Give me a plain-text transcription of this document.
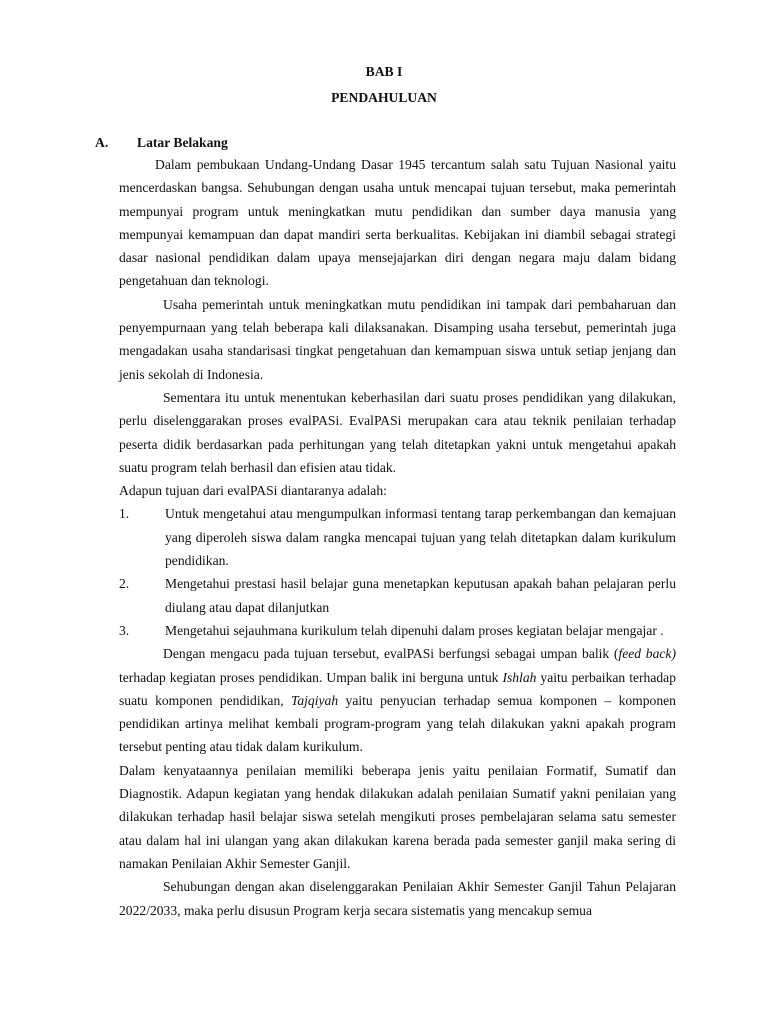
BAB I
PENDAHULUAN
A. Latar Belakang

Dalam pembukaan Undang-Undang Dasar 1945 tercantum salah satu Tujuan Nasional yaitu mencerdaskan bangsa. Sehubungan dengan usaha untuk mencapai tujuan tersebut, maka pemerintah mempunyai program untuk meningkatkan mutu pendidikan dan sumber daya manusia yang mempunyai kemampuan dan dapat mandiri serta berkualitas. Kebijakan ini diambil sebagai strategi dasar nasional pendidikan dalam upaya mensejajarkan diri dengan negara maju dalam bidang pengetahuan dan teknologi.

Usaha pemerintah untuk meningkatkan mutu pendidikan ini tampak dari pembaharuan dan penyempurnaan yang telah beberapa kali dilaksanakan. Disamping usaha tersebut, pemerintah juga mengadakan usaha standarisasi tingkat pengetahuan dan kemampuan siswa untuk setiap jenjang dan jenis sekolah di Indonesia.

Sementara itu untuk menentukan keberhasilan dari suatu proses pendidikan yang dilakukan, perlu diselenggarakan proses evalPASi. EvalPASi merupakan cara atau teknik penilaian terhadap peserta didik berdasarkan pada perhitungan yang telah ditetapkan yakni untuk mengetahui apakah suatu program telah berhasil dan efisien atau tidak.

Adapun tujuan dari evalPASi diantaranya adalah:

1.	Untuk mengetahui atau mengumpulkan informasi tentang tarap perkembangan dan kemajuan yang diperoleh siswa dalam rangka mencapai tujuan yang telah ditetapkan dalam kurikulum pendidikan.
2.	Mengetahui prestasi hasil belajar guna menetapkan keputusan apakah bahan pelajaran perlu diulang atau dapat dilanjutkan
3.	Mengetahui sejauhmana kurikulum telah dipenuhi dalam proses kegiatan belajar mengajar .

Dengan mengacu pada tujuan tersebut, evalPASi berfungsi sebagai umpan balik (feed back) terhadap kegiatan proses pendidikan. Umpan balik ini berguna untuk Ishlah yaitu perbaikan terhadap suatu komponen pendidikan, Tajqiyah yaitu penyucian terhadap semua komponen – komponen pendidikan artinya melihat kembali program-program yang telah dilakukan yakni apakah program tersebut penting atau tidak dalam kurikulum.

Dalam kenyataannya penilaian memiliki beberapa jenis yaitu penilaian Formatif, Sumatif dan Diagnostik. Adapun kegiatan yang hendak dilakukan adalah penilaian Sumatif yakni penilaian yang dilakukan terhadap hasil belajar siswa setelah mengikuti proses pembelajaran selama satu semester atau dalam hal ini ulangan yang akan dilakukan karena berada pada semester ganjil maka sering di namakan Penilaian Akhir Semester Ganjil.

Sehubungan dengan akan diselenggarakan Penilaian Akhir Semester Ganjil Tahun Pelajaran 2022/2033, maka perlu disusun Program kerja secara sistematis yang mencakup semua
